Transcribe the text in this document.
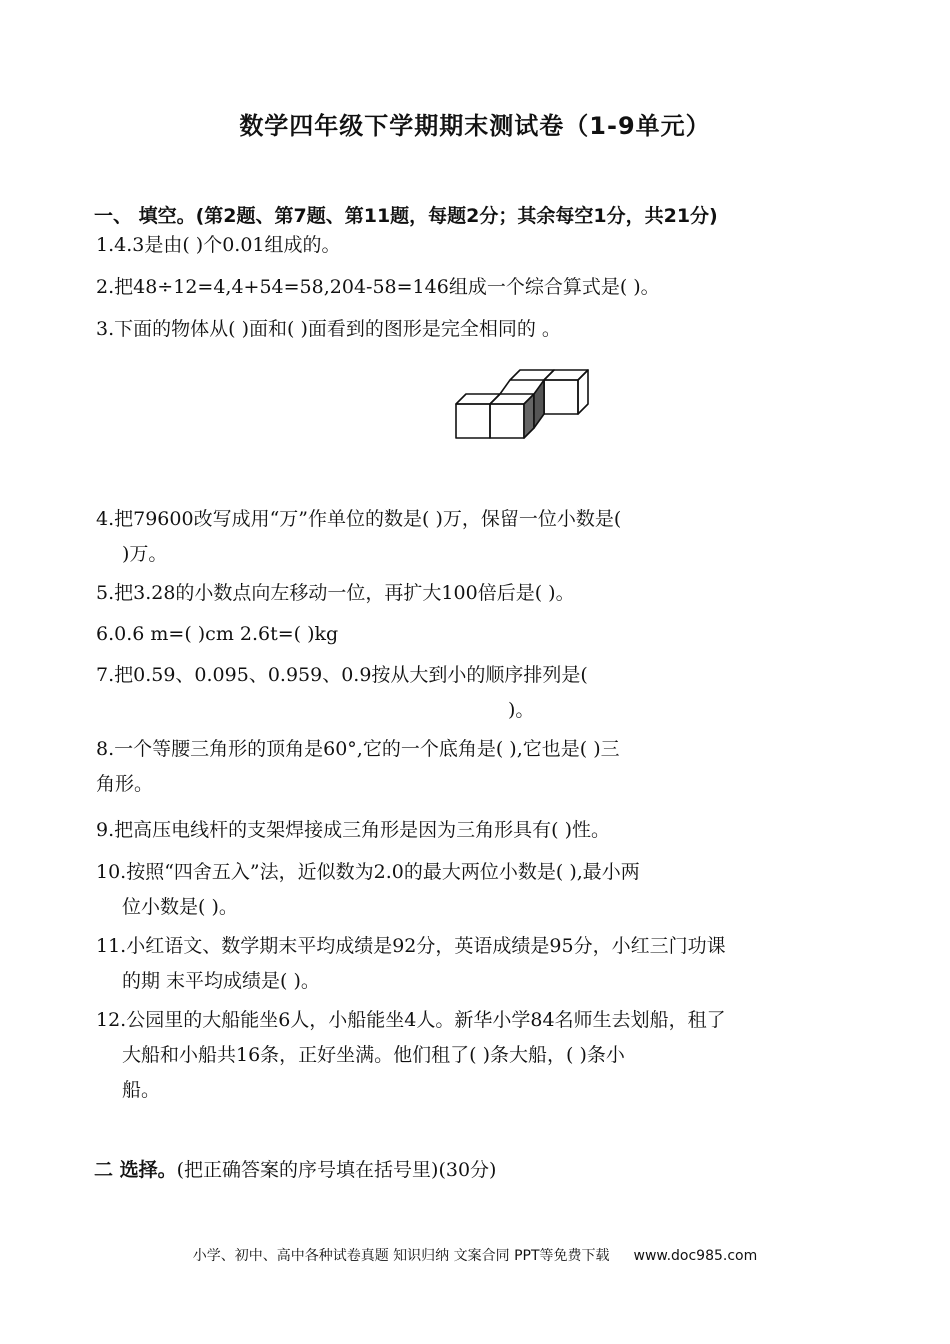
数学四年级下学期期末测试卷（1-9单元）
一、 填空。(第2题、第7题、第11题，每题2分；其余每空1分，共21分)
1.4.3是由( )个0.01组成的。
2.把48÷12=4,4+54=58,204-58=146组成一个综合算式是( )。
3.下面的物体从( )面和( )面看到的图形是完全相同的 。
4.把79600改写成用“万”作单位的数是( )万，保留一位小数是(
)万。
5.把3.28的小数点向左移动一位，再扩大100倍后是( )。
6.0.6 m=( )cm 2.6t=( )kg
7.把0.59、0.095、0.959、0.9按从大到小的顺序排列是(
)。
8.一个等腰三角形的顶角是60°,它的一个底角是( ),它也是( )三
角形。
9.把高压电线杆的支架焊接成三角形是因为三角形具有( )性。
10.按照“四舍五入”法，近似数为2.0的最大两位小数是( ),最小两
位小数是( )。
11.小红语文、数学期末平均成绩是92分，英语成绩是95分，小红三门功课
的期 末平均成绩是( )。
12.公园里的大船能坐6人，小船能坐4人。新华小学84名师生去划船，租了
大船和小船共16条，正好坐满。他们租了( )条大船，( )条小
船。
二 选择。(把正确答案的序号填在括号里)(30分)
小学、初中、高中各种试卷真题 知识归纳 文案合同 PPT等免费下载 www.doc985.com
